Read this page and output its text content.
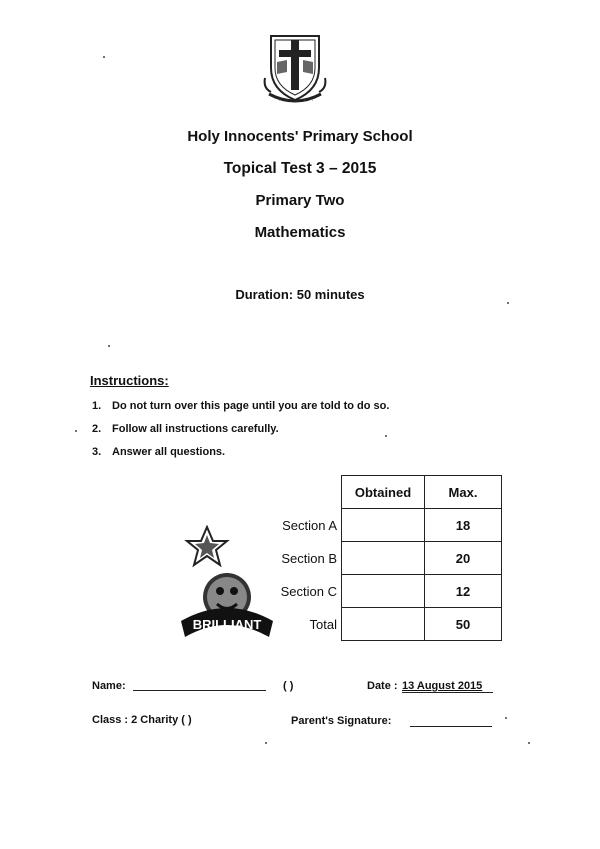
· · · · ·
Holy Innocents' Primary School
Topical Test 3 – 2015
Primary Two
Mathematics
Duration: 50 minutes
Instructions:
1. Do not turn over this page until you are told to do so.
2. Follow all instructions carefully.
3. Answer all questions.
	Obtained	Max.
Section A		18
Section B		20
Section C		12
Total		50
BRILLIANT
Name:	( )	Date : 13 August 2015
Class : 2 Charity ( )	Parent's Signature:
